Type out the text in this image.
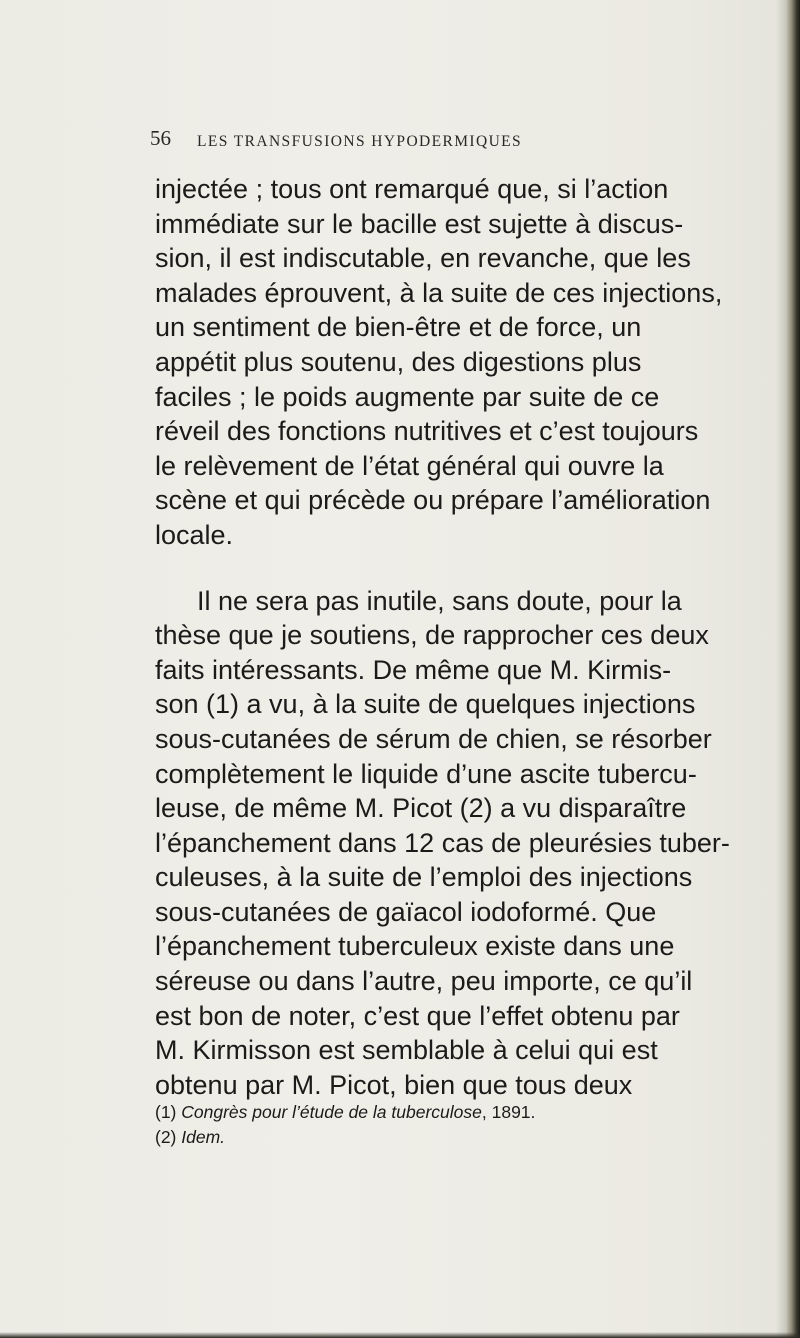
56 LES TRANSFUSIONS HYPODERMIQUES
injectée ; tous ont remarqué que, si l’action
immédiate sur le bacille est sujette à discus-
sion, il est indiscutable, en revanche, que les
malades éprouvent, à la suite de ces injections,
un sentiment de bien-être et de force, un
appétit plus soutenu, des digestions plus
faciles ; le poids augmente par suite de ce
réveil des fonctions nutritives et c’est toujours
le relèvement de l’état général qui ouvre la
scène et qui précède ou prépare l’amélioration
locale.
Il ne sera pas inutile, sans doute, pour la
thèse que je soutiens, de rapprocher ces deux
faits intéressants. De même que M. Kirmis-
son (1) a vu, à la suite de quelques injections
sous-cutanées de sérum de chien, se résorber
complètement le liquide d’une ascite tubercu-
leuse, de même M. Picot (2) a vu disparaître
l’épanchement dans 12 cas de pleurésies tuber-
culeuses, à la suite de l’emploi des injections
sous-cutanées de gaïacol iodoformé. Que
l’épanchement tuberculeux existe dans une
séreuse ou dans l’autre, peu importe, ce qu’il
est bon de noter, c’est que l’effet obtenu par
M. Kirmisson est semblable à celui qui est
obtenu par M. Picot, bien que tous deux
(1) Congrès pour l’étude de la tuberculose, 1891.
(2) Idem.
